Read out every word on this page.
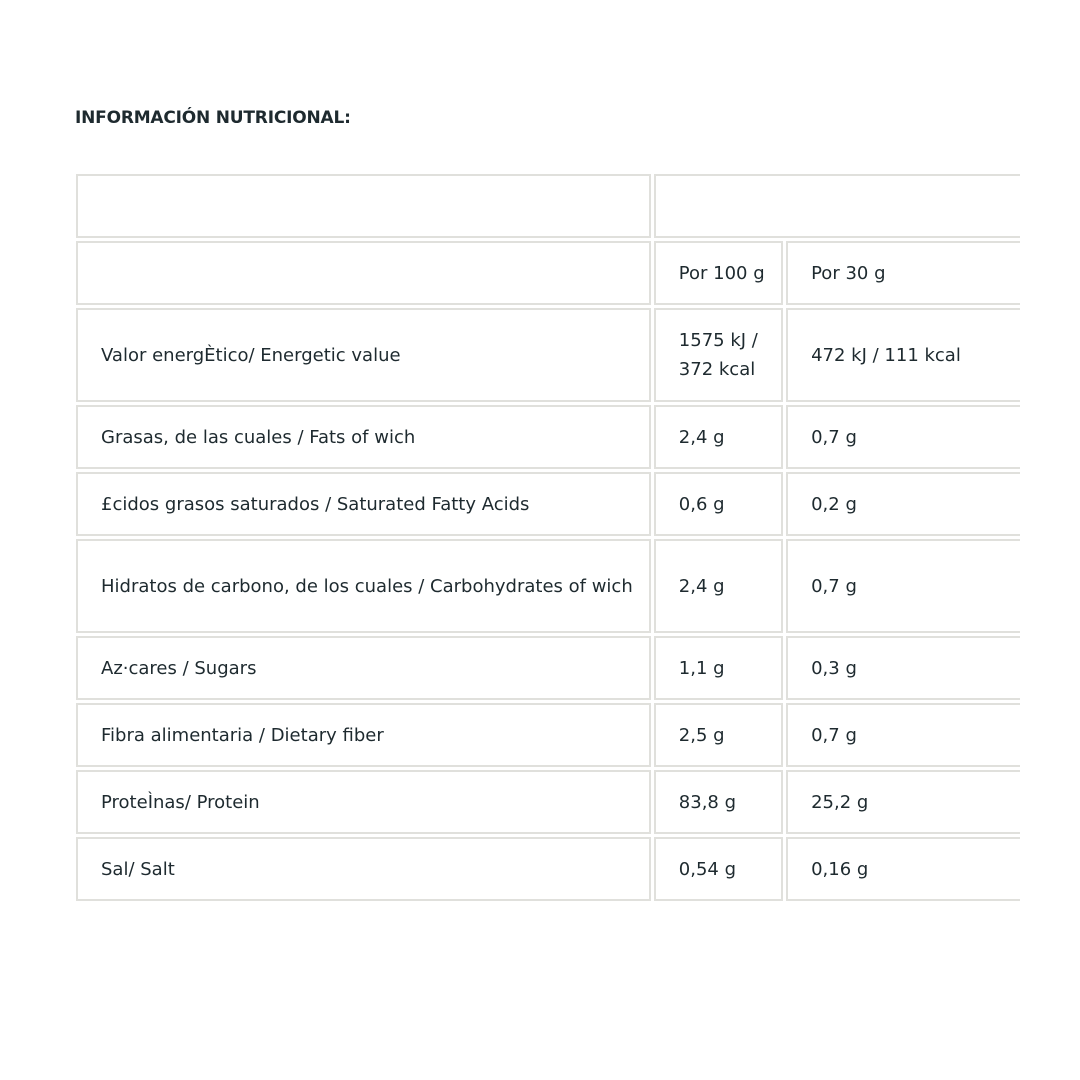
INFORMACIÓN NUTRICIONAL:

	Por 100 g	Por 30 g
Valor energÈtico/ Energetic value	1575 kJ / 372 kcal	472 kJ / 111 kcal
Grasas, de las cuales / Fats of wich	2,4 g	0,7 g
£cidos grasos saturados / Saturated Fatty Acids	0,6 g	0,2 g
Hidratos de carbono, de los cuales / Carbohydrates of wich	2,4 g	0,7 g
Az·cares / Sugars	1,1 g	0,3 g
Fibra alimentaria / Dietary fiber	2,5 g	0,7 g
ProteÌnas/ Protein	83,8 g	25,2 g
Sal/ Salt	0,54 g	0,16 g
